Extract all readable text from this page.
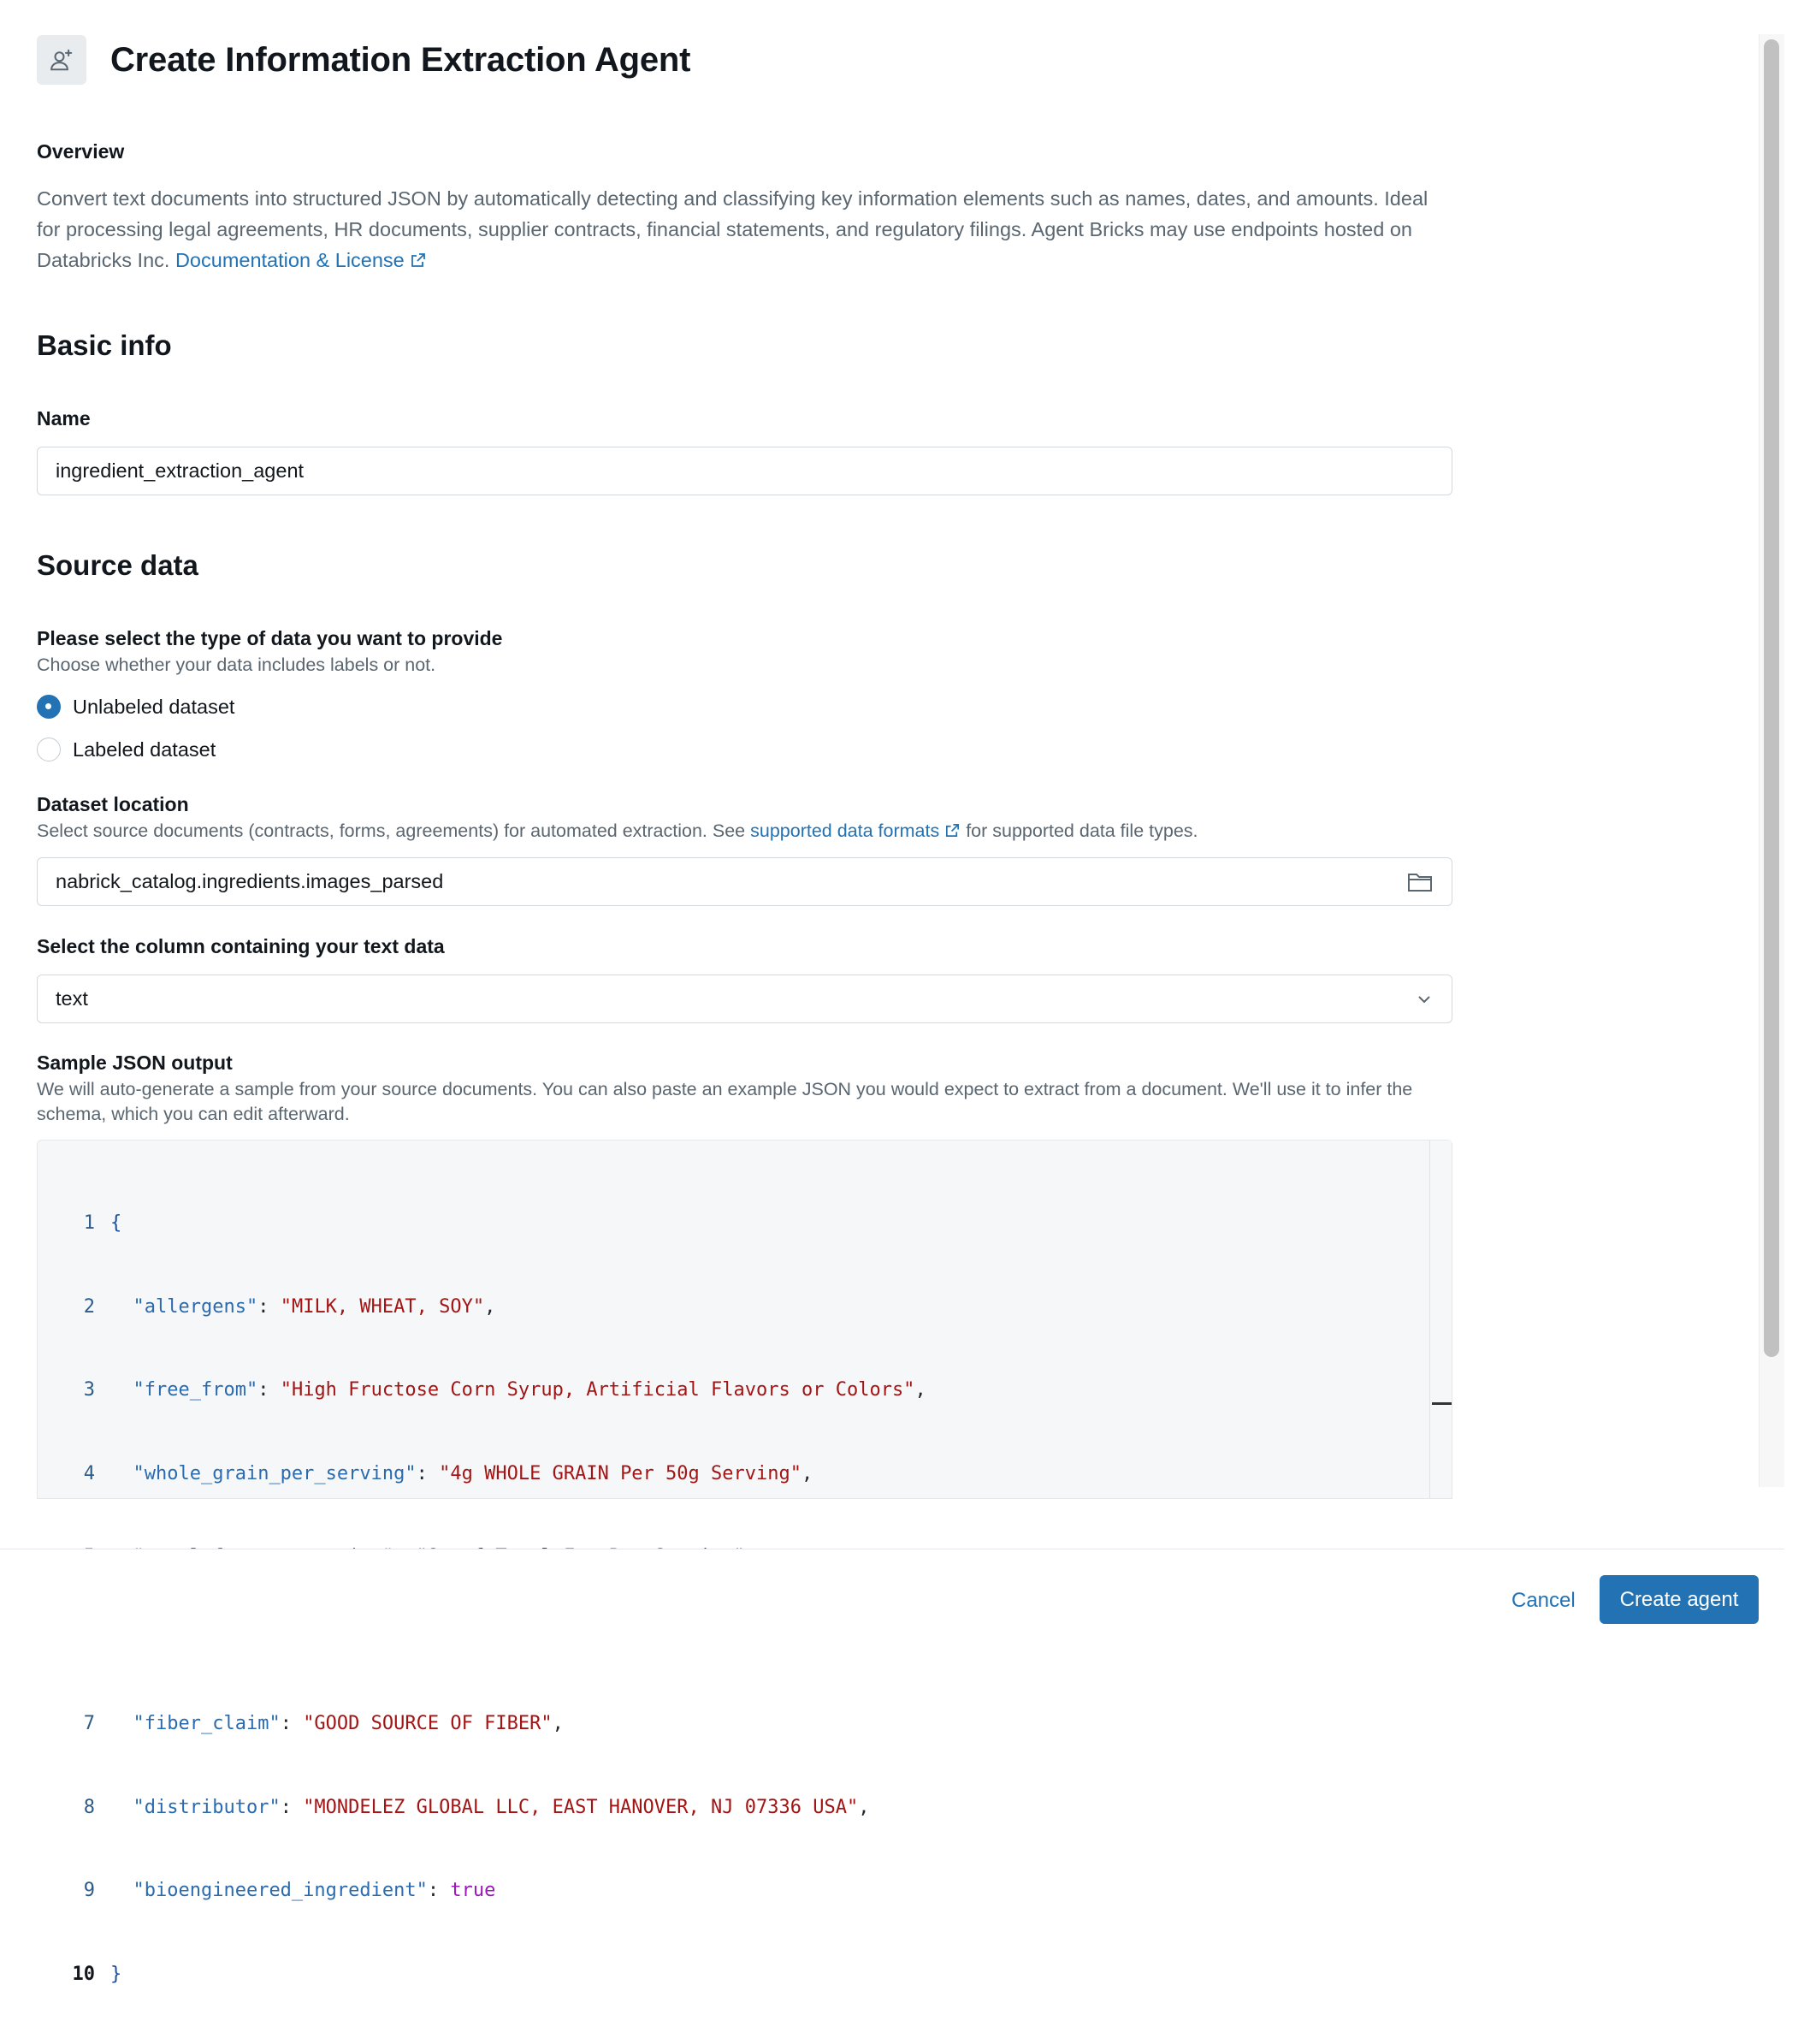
Create Information Extraction Agent
Overview
Convert text documents into structured JSON by automatically detecting and classifying key information elements such as names, dates, and amounts. Ideal for processing legal agreements, HR documents, supplier contracts, financial statements, and regulatory filings. Agent Bricks may use endpoints hosted on Databricks Inc. Documentation & License
Basic info
Name
ingredient_extraction_agent
Source data
Please select the type of data you want to provide
Choose whether your data includes labels or not.
Unlabeled dataset
Labeled dataset
Dataset location
Select source documents (contracts, forms, agreements) for automated extraction. See supported data formats for supported data file types.
nabrick_catalog.ingredients.images_parsed
Select the column containing your text data
text
Sample JSON output
We will auto-generate a sample from your source documents. You can also paste an example JSON you would expect to extract from a document. We'll use it to infer the schema, which you can edit afterward.

1 {

2	"allergens": "MILK, WHEAT, SOY",

3	"free_from": "High Fructose Corn Syrup, Artificial Flavors or Colors",

4	"whole_grain_per_serving": "4g WHOLE GRAIN Per 50g Serving",

7	"fiber_claim": "GOOD SOURCE OF FIBER",

8	"distributor": "MONDELEZ GLOBAL LLC, EAST HANOVER, NJ 07336 USA",

9	"bioengineered_ingredient": true

10 }

Cancel	Create agent
